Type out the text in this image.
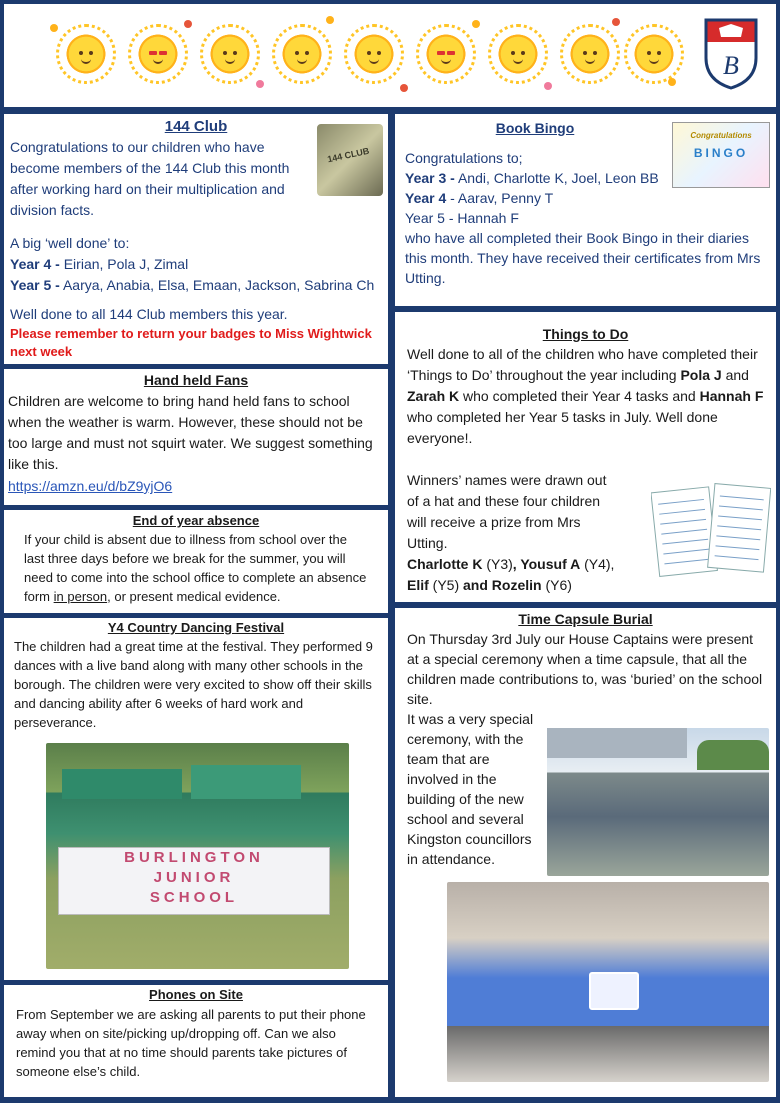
B
144 Club

Congratulations to our children who have become members of the 144 Club this month after working hard on their multiplication and division facts.

144 CLUB

A big ‘well done’ to:

Year 4 - Eirian, Pola J, Zimal

Year 5 - Aarya, Anabia, Elsa, Emaan, Jackson, Sabrina Ch

Well done to all 144 Club members this year.

Please remember to return your badges to Miss Wightwick next week

Hand held Fans

Children are welcome to bring hand held fans to school when the weather is warm. However, these should not be too large and must not squirt water. We suggest something like this.

https://amzn.eu/d/bZ9yjO6
End of year absence

If your child is absent due to illness from school over the last three days before we break for the summer, you will need to come into the school office to complete an absence form in person, or present medical evidence.

Y4 Country Dancing Festival

The children had a great time at the festival. They performed 9 dances with a live band along with many other schools in the borough. The children were very excited to show off their skills and dancing ability after 6 weeks of hard work and perseverance.

BURLINGTON
JUNIOR
SCHOOL
Phones on Site

From September we are asking all parents to put their phone away when on site/picking up/dropping off. Can we also remind you that at no time should parents take pictures of someone else’s child.

Book Bingo	Congratulations
BINGO

Congratulations to;

Year 3 - Andi, Charlotte K, Joel, Leon BB

Year 4 - Aarav, Penny T

Year 5 - Hannah F

who have all completed their Book Bingo in their diaries this month. They have received their certificates from Mrs Utting.

Things to Do

Well done to all of the children who have completed their ‘Things to Do’ throughout the year including Pola J and Zarah K who completed their Year 4 tasks and Hannah F who completed her Year 5 tasks in July. Well done everyone!.

Winners’ names were drawn out of a hat and these four children will receive a prize from Mrs Utting.

Charlotte K (Y3), Yousuf A (Y4),
Elif (Y5) and Rozelin (Y6)

Time Capsule Burial

On Thursday 3rd July our House Captains were present at a special ceremony when a time capsule, that all the children made contributions to, was ‘buried’ on the school site.

It was a very special ceremony, with the team that are involved in the building of the new school and several Kingston councillors in attendance.
